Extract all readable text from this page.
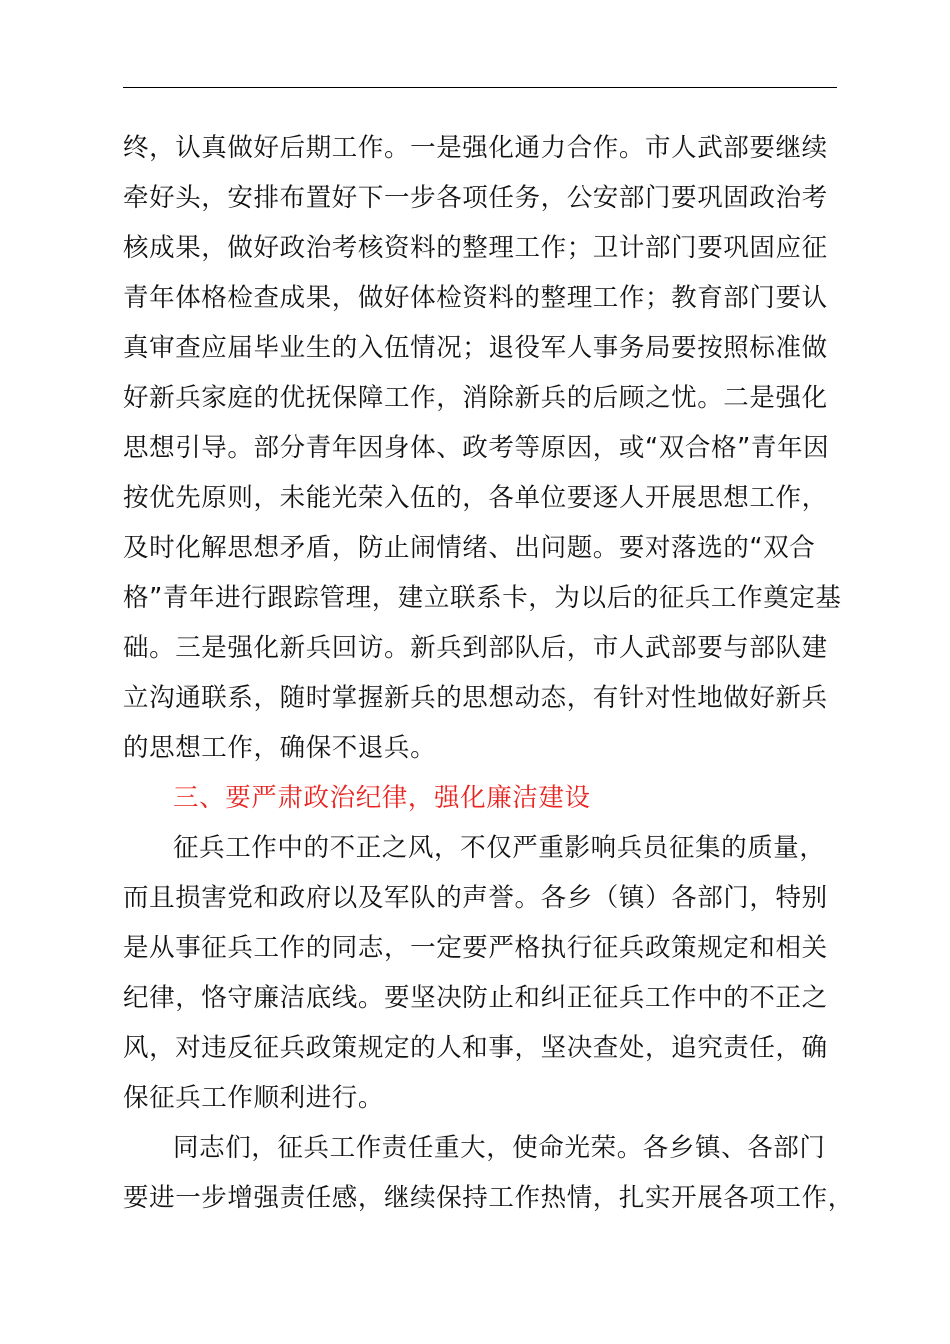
终，认真做好后期工作。一是强化通力合作。市人武部要继续
牵好头，安排布置好下一步各项任务，公安部门要巩固政治考
核成果，做好政治考核资料的整理工作；卫计部门要巩固应征
青年体格检查成果，做好体检资料的整理工作；教育部门要认
真审查应届毕业生的入伍情况；退役军人事务局要按照标准做
好新兵家庭的优抚保障工作，消除新兵的后顾之忧。二是强化
思想引导。部分青年因身体、政考等原因，或“双合格”青年因
按优先原则，未能光荣入伍的，各单位要逐人开展思想工作，
及时化解思想矛盾，防止闹情绪、出问题。要对落选的“双合
格”青年进行跟踪管理，建立联系卡，为以后的征兵工作奠定基
础。三是强化新兵回访。新兵到部队后，市人武部要与部队建
立沟通联系，随时掌握新兵的思想动态，有针对性地做好新兵
的思想工作，确保不退兵。
三、要严肃政治纪律，强化廉洁建设
征兵工作中的不正之风，不仅严重影响兵员征集的质量，
而且损害党和政府以及军队的声誉。各乡（镇）各部门，特别
是从事征兵工作的同志，一定要严格执行征兵政策规定和相关
纪律，恪守廉洁底线。要坚决防止和纠正征兵工作中的不正之
风，对违反征兵政策规定的人和事，坚决查处，追究责任，确
保征兵工作顺利进行。
同志们，征兵工作责任重大，使命光荣。各乡镇、各部门
要进一步增强责任感，继续保持工作热情，扎实开展各项工作，
